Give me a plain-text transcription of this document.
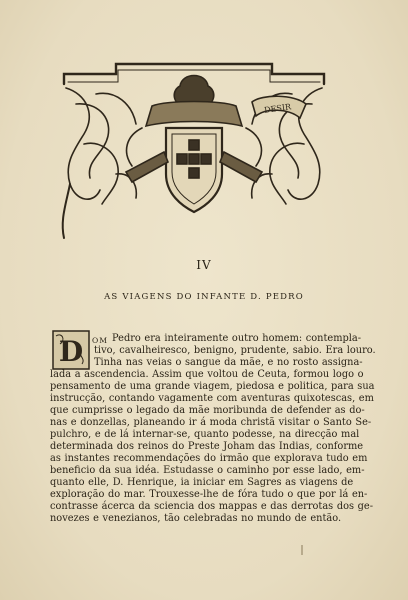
DESIR
IV
AS VIAGENS DO INFANTE D. PEDRO
D OM Pedro era inteiramente outro homem: contempla-
tivo, cavalheiresco, benigno, prudente, sabio. Era louro.
Tinha nas veias o sangue da mãe, e no rosto assigna-
lada a ascendencia. Assim que voltou de Ceuta, formou logo o
pensamento de uma grande viagem, piedosa e politica, para sua
instrucção, contando vagamente com aventuras quixotescas, em
que cumprisse o legado da mãe moribunda de defender as do-
nas e donzellas, planeando ir á moda christã visitar o Santo Se-
pulchro, e de lá internar-se, quanto podesse, na direcção mal
determinada dos reinos do Preste Joham das Indias, conforme
as instantes recommendações do irmão que explorava tudo em
beneficio da sua idéa. Estudasse o caminho por esse lado, em-
quanto elle, D. Henrique, ia iniciar em Sagres as viagens de
exploração do mar. Trouxesse-lhe de fóra tudo o que por lá en-
contrasse ácerca da sciencia dos mappas e das derrotas dos ge-
novezes e venezianos, tão celebradas no mundo de então.
